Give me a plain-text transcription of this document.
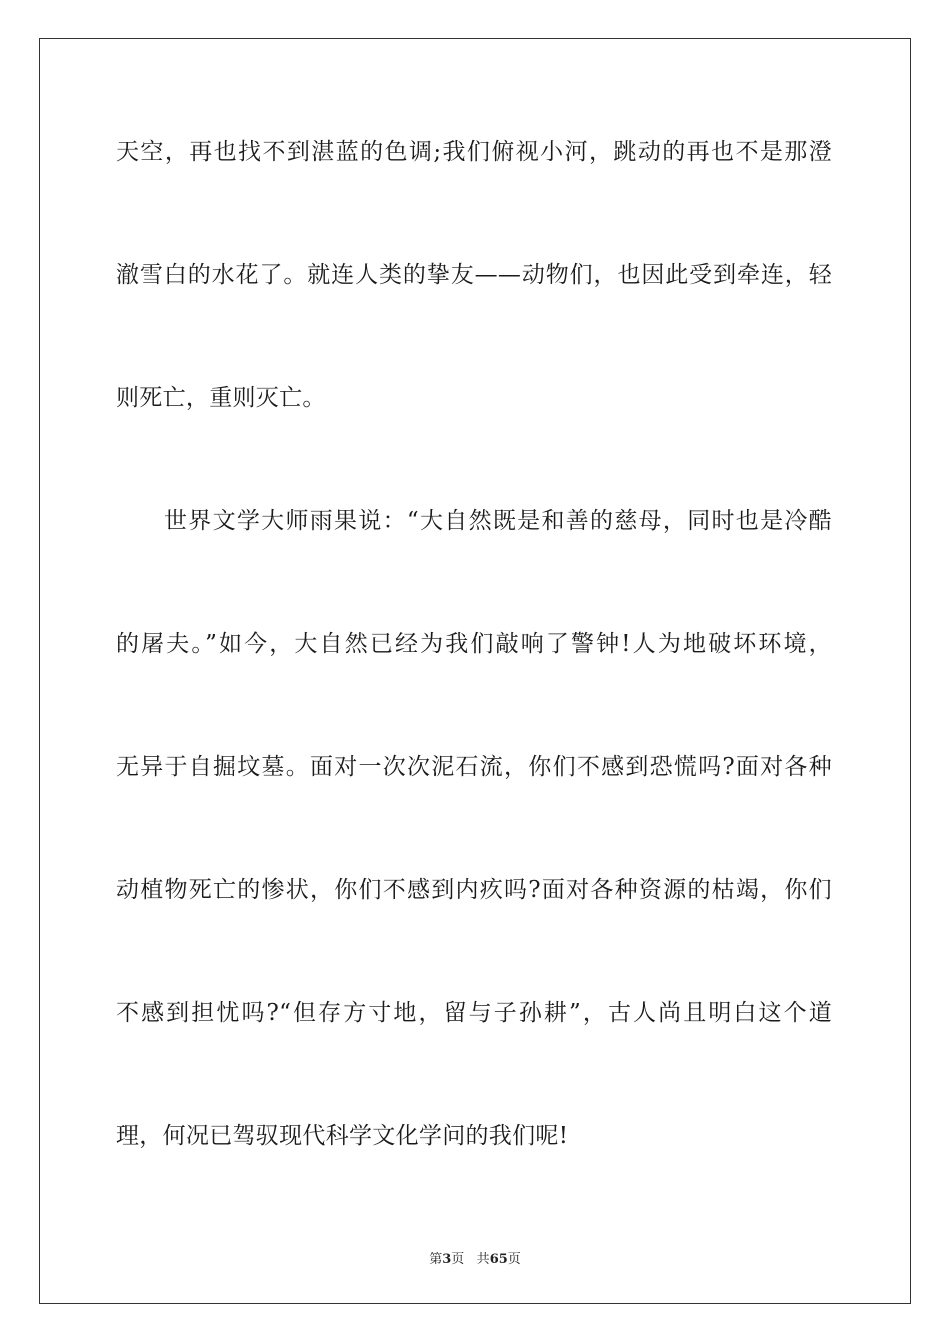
天空，再也找不到湛蓝的色调;我们俯视小河，跳动的再也不是那澄
澈雪白的水花了。就连人类的挚友——动物们，也因此受到牵连，轻
则死亡，重则灭亡。
世界文学大师雨果说：“大自然既是和善的慈母，同时也是冷酷
的屠夫。”如今，大自然已经为我们敲响了警钟!人为地破坏环境，
无异于自掘坟墓。面对一次次泥石流，你们不感到恐慌吗?面对各种
动植物死亡的惨状，你们不感到内疚吗?面对各种资源的枯竭，你们
不感到担忧吗?“但存方寸地，留与子孙耕”，古人尚且明白这个道
理，何况已驾驭现代科学文化学问的我们呢!
第3页 共65页
